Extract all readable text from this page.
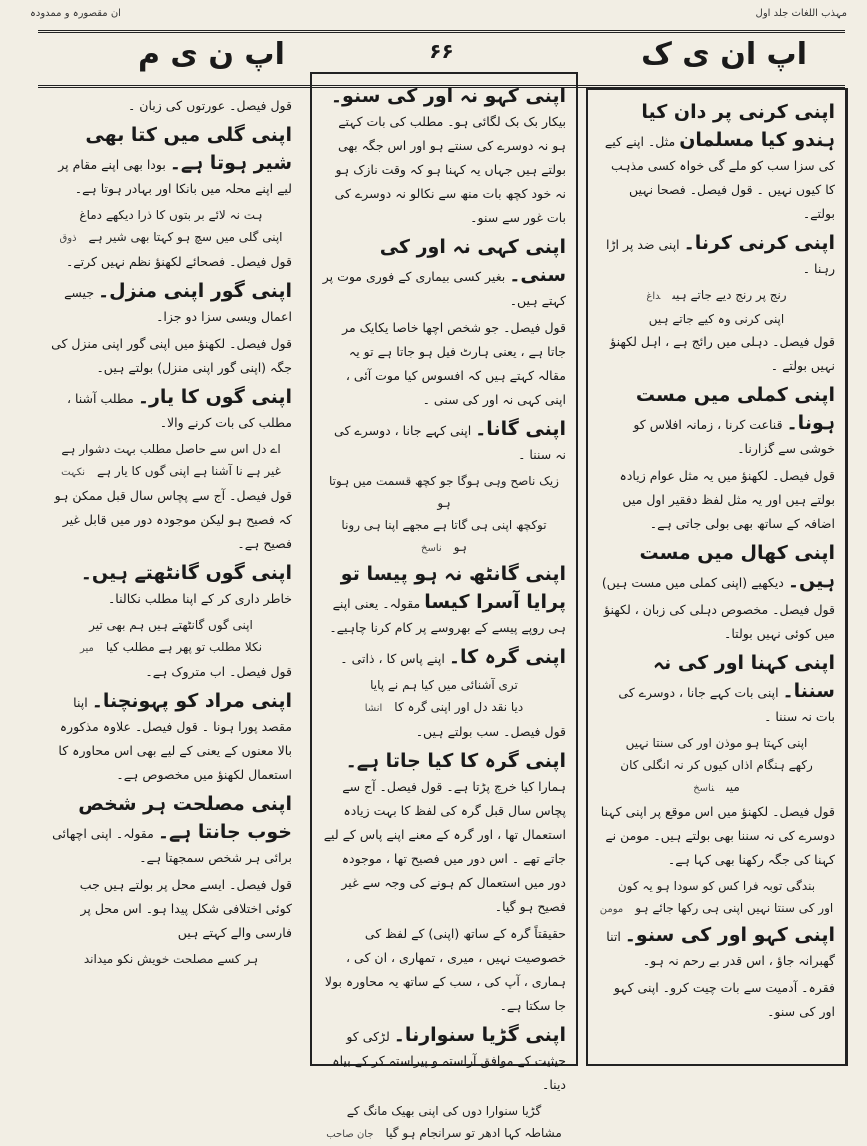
مہذب اللغات جلد اول
ان مقصورہ و ممدودہ
اپ ان ی ک
۶۶
اپ ن ی م
اپنی کرنی پر دان کیا ہندو کیا مسلمان مثل۔ اپنے کیے کی سزا سب کو ملے گی خواہ کسی مذہب کا کیوں نہیں ۔ قول فیصل۔ فصحا نہیں بولتے۔
اپنی کرنی کرنا۔ اپنی ضد پر اڑا رہنا ۔
رنج پر رنج دیے جاتے ہیںداغ
اپنی کرنی وہ کیے جاتے ہیں
قول فیصل۔ دہلی میں رائج ہے ، اہل لکھنؤ نہیں بولتے ۔
اپنی کملی میں مست ہونا۔ قناعت کرنا ، زمانہ افلاس کو خوشی سے گزارنا۔
قول فیصل۔ لکھنؤ میں یہ مثل عوام زیادہ بولتے ہیں اور یہ مثل لفظ دفقیر اول میں اضافہ کے ساتھ بھی بولی جاتی ہے۔
اپنی کھال میں مست ہیں۔ دیکھیے (اپنی کملی میں مست ہیں)
قول فیصل۔ مخصوص دہلی کی زبان ، لکھنؤ میں کوئی نہیں بولتا۔
اپنی کہنا اور کی نہ سننا۔ اپنی بات کہے جانا ، دوسرے کی بات نہ سننا ۔
اپنی کہتا ہو موذن اور کی سنتا نہیں
رکھے ہنگام اذاں کیوں کر نہ انگلی کان میںناسخ
قول فیصل۔ لکھنؤ میں اس موقع پر اپنی کہنا دوسرے کی نہ سننا بھی بولتے ہیں۔ مومن نے کہنا کی جگہ رکھنا بھی کہا ہے۔
بندگی توبہ فرا کس کو سودا ہو یہ کون
اور کی سنتا نہیں اپنی ہی رکھا جائے ہومومن
اپنی کہو اور کی سنو۔ اتنا گھبرانہ جاؤ ، اس قدر بے رحم نہ ہو۔
فقرہ۔ آدمیت سے بات چیت کرو۔ اپنی کہو اور کی سنو۔
اپنی کہو نہ اور کی سنو۔ بیکار بک بک لگائی ہو۔ مطلب کی بات کہتے ہو نہ دوسرے کی سنتے ہو اور اس جگہ بھی بولتے ہیں جہاں یہ کہنا ہو کہ وقت نازک ہو نہ خود کچھ بات منھ سے نکالو نہ دوسرے کی بات غور سے سنو۔
اپنی کہی نہ اور کی سنی۔ بغیر کسی بیماری کے فوری موت پر کہتے ہیں۔
قول فیصل۔ جو شخص اچھا خاصا یکایک مر جاتا ہے ، یعنی ہارٹ فیل ہو جاتا ہے تو یہ مقالہ کہتے ہیں کہ افسوس کیا موت آئی ، اپنی کہی نہ اور کی سنی ۔
اپنی گانا۔ اپنی کہے جانا ، دوسرے کی نہ سننا ۔
زیک ناصح وہی ہوگا جو کچھ قسمت میں ہوتا ہو
توکچھ اپنی ہی گاتا ہے مجھے اپنا ہی رونا ہوناسخ
اپنی گانٹھ نہ ہو پیسا تو پرایا آسرا کیسا مقولہ۔ یعنی اپنے ہی روپے پیسے کے بھروسے پر کام کرنا چاہیے۔
اپنی گرہ کا۔ اپنے پاس کا ، ذاتی ۔
تری آشنائی میں کیا ہم نے پایا
دیا نقد دل اور اپنی گرہ کاانشا
قول فیصل۔ سب بولتے ہیں۔
اپنی گرہ کا کیا جاتا ہے۔ ہمارا کیا خرچ پڑتا ہے۔ قول فیصل۔ آج سے پچاس سال قبل گرہ کی لفظ کا بہت زیادہ استعمال تھا ، اور گرہ کے معنے اپنے پاس کے لیے جاتے تھے ۔ اس دور میں فصیح تھا ، موجودہ دور میں استعمال کم ہونے کی وجہ سے غیر فصیح ہو گیا۔
حقیقتاً گرہ کے ساتھ (اپنی) کے لفظ کی خصوصیت نہیں ، میری ، تمھاری ، ان کی ، ہماری ، آپ کی ، سب کے ساتھ یہ محاورہ بولا جا سکتا ہے۔
اپنی گڑیا سنوارنا۔ لڑکی کو حیثیت کے موافق آراستہ و پیراستہ کر کے بیاہ دینا۔
گڑیا سنوارا دوں کی اپنی بھیک مانگ کے
مشاطہ کہا ادھر تو سرانجام ہو گیاجان صاحب
قول فیصل۔ عورتوں کی زبان ۔
اپنی گلی میں کتا بھی شیر ہوتا ہے۔ بودا بھی اپنے مقام پر لیے اپنے محلہ میں بانکا اور بہادر ہوتا ہے۔
ہت نہ لائے بر بتوں کا ذرا دیکھے دماغ
اپنی گلی میں سچ ہو کہتا بھی شیر ہےذوق
قول فیصل۔ فصحائے لکھنؤ نظم نہیں کرتے۔
اپنی گور اپنی منزل۔ جیسے اعمال ویسی سزا دو جزا۔
قول فیصل۔ لکھنؤ میں اپنی گور اپنی منزل کی جگہ (اپنی گور اپنی منزل) بولتے ہیں۔
اپنی گوں کا یار۔ مطلب آشنا ، مطلب کی بات کرنے والا۔
اے دل اس سے حاصل مطلب بہت دشوار ہے
غیر ہے نا آشنا ہے اپنی گوں کا یار ہےنکہت
قول فیصل۔ آج سے پچاس سال قبل ممکن ہو کہ فصیح ہو لیکن موجودہ دور میں قابل غیر فصیح ہے۔
اپنی گوں گانٹھتے ہیں۔ خاطر داری کر کے اپنا مطلب نکالنا۔
اپنی گوں گانٹھتے ہیں ہم بھی تیر
نکلا مطلب تو پھر ہے مطلب کیامیر
قول فیصل۔ اب متروک ہے۔
اپنی مراد کو پہونچنا۔ اپنا مقصد پورا ہونا ۔ قول فیصل۔ علاوہ مذکورہ بالا معنوں کے یعنی کے لیے بھی اس محاورہ کا استعمال لکھنؤ میں مخصوص ہے۔
اپنی مصلحت ہر شخص خوب جانتا ہے۔ مقولہ۔ اپنی اچھائی برائی ہر شخص سمجھتا ہے۔
قول فیصل۔ ایسے محل پر بولتے ہیں جب کوئی اختلافی شکل پیدا ہو۔ اس محل پر فارسی والے کہتے ہیں
ہر کسے مصلحت خویش نکو میداند
